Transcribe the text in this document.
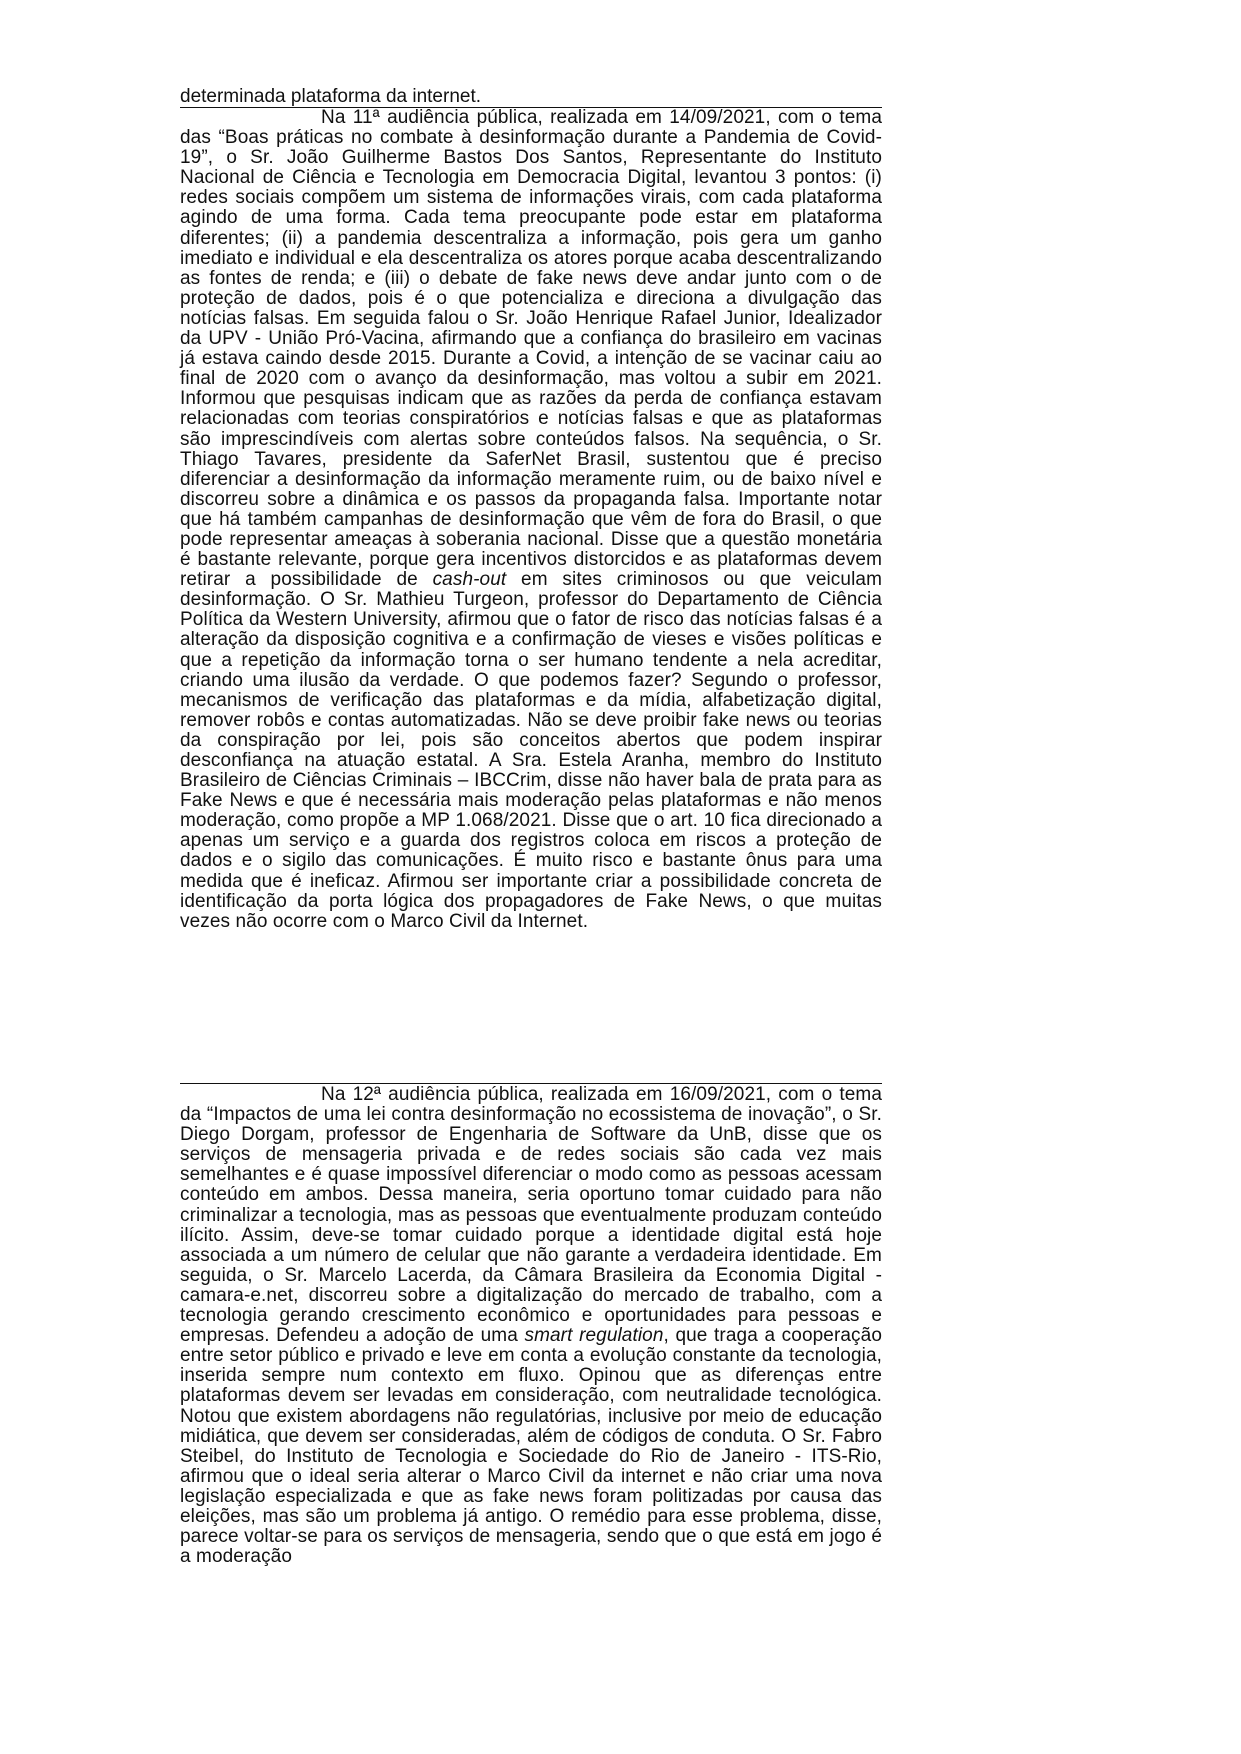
determinada plataforma da internet.

Na 11ª audiência pública, realizada em 14/09/2021, com o tema das “Boas práticas no combate à desinformação durante a Pandemia de Covid-19”, o Sr. João Guilherme Bastos Dos Santos, Representante do Instituto Nacional de Ciência e Tecnologia em Democracia Digital, levantou 3 pontos: (i) redes sociais compõem um sistema de informações virais, com cada plataforma agindo de uma forma. Cada tema preocupante pode estar em plataforma diferentes; (ii) a pandemia descentraliza a informação, pois gera um ganho imediato e individual e ela descentraliza os atores porque acaba descentralizando as fontes de renda; e (iii) o debate de fake news deve andar junto com o de proteção de dados, pois é o que potencializa e direciona a divulgação das notícias falsas. Em seguida falou o Sr. João Henrique Rafael Junior, Idealizador da UPV - União Pró-Vacina, afirmando que a confiança do brasileiro em vacinas já estava caindo desde 2015. Durante a Covid, a intenção de se vacinar caiu ao final de 2020 com o avanço da desinformação, mas voltou a subir em 2021. Informou que pesquisas indicam que as razões da perda de confiança estavam relacionadas com teorias conspiratórios e notícias falsas e que as plataformas são imprescindíveis com alertas sobre conteúdos falsos. Na sequência, o Sr. Thiago Tavares, presidente da SaferNet Brasil, sustentou que é preciso diferenciar a desinformação da informação meramente ruim, ou de baixo nível e discorreu sobre a dinâmica e os passos da propaganda falsa. Importante notar que há também campanhas de desinformação que vêm de fora do Brasil, o que pode representar ameaças à soberania nacional. Disse que a questão monetária é bastante relevante, porque gera incentivos distorcidos e as plataformas devem retirar a possibilidade de cash-out em sites criminosos ou que veiculam desinformação. O Sr. Mathieu Turgeon, professor do Departamento de Ciência Política da Western University, afirmou que o fator de risco das notícias falsas é a alteração da disposição cognitiva e a confirmação de vieses e visões políticas e que a repetição da informação torna o ser humano tendente a nela acreditar, criando uma ilusão da verdade. O que podemos fazer? Segundo o professor, mecanismos de verificação das plataformas e da mídia, alfabetização digital, remover robôs e contas automatizadas. Não se deve proibir fake news ou teorias da conspiração por lei, pois são conceitos abertos que podem inspirar desconfiança na atuação estatal. A Sra. Estela Aranha, membro do Instituto Brasileiro de Ciências Criminais – IBCCrim, disse não haver bala de prata para as Fake News e que é necessária mais moderação pelas plataformas e não menos moderação, como propõe a MP 1.068/2021. Disse que o art. 10 fica direcionado a apenas um serviço e a guarda dos registros coloca em riscos a proteção de dados e o sigilo das comunicações. É muito risco e bastante ônus para uma medida que é ineficaz. Afirmou ser importante criar a possibilidade concreta de identificação da porta lógica dos propagadores de Fake News, o que muitas vezes não ocorre com o Marco Civil da Internet.

Na 12ª audiência pública, realizada em 16/09/2021, com o tema da “Impactos de uma lei contra desinformação no ecossistema de inovação”, o Sr. Diego Dorgam, professor de Engenharia de Software da UnB, disse que os serviços de mensageria privada e de redes sociais são cada vez mais semelhantes e é quase impossível diferenciar o modo como as pessoas acessam conteúdo em ambos. Dessa maneira, seria oportuno tomar cuidado para não criminalizar a tecnologia, mas as pessoas que eventualmente produzam conteúdo ilícito. Assim, deve-se tomar cuidado porque a identidade digital está hoje associada a um número de celular que não garante a verdadeira identidade. Em seguida, o Sr. Marcelo Lacerda, da Câmara Brasileira da Economia Digital - camara-e.net, discorreu sobre a digitalização do mercado de trabalho, com a tecnologia gerando crescimento econômico e oportunidades para pessoas e empresas. Defendeu a adoção de uma smart regulation, que traga a cooperação entre setor público e privado e leve em conta a evolução constante da tecnologia, inserida sempre num contexto em fluxo. Opinou que as diferenças entre plataformas devem ser levadas em consideração, com neutralidade tecnológica. Notou que existem abordagens não regulatórias, inclusive por meio de educação midiática, que devem ser consideradas, além de códigos de conduta. O Sr. Fabro Steibel, do Instituto de Tecnologia e Sociedade do Rio de Janeiro - ITS-Rio, afirmou que o ideal seria alterar o Marco Civil da internet e não criar uma nova legislação especializada e que as fake news foram politizadas por causa das eleições, mas são um problema já antigo. O remédio para esse problema, disse, parece voltar-se para os serviços de mensageria, sendo que o que está em jogo é a moderação
